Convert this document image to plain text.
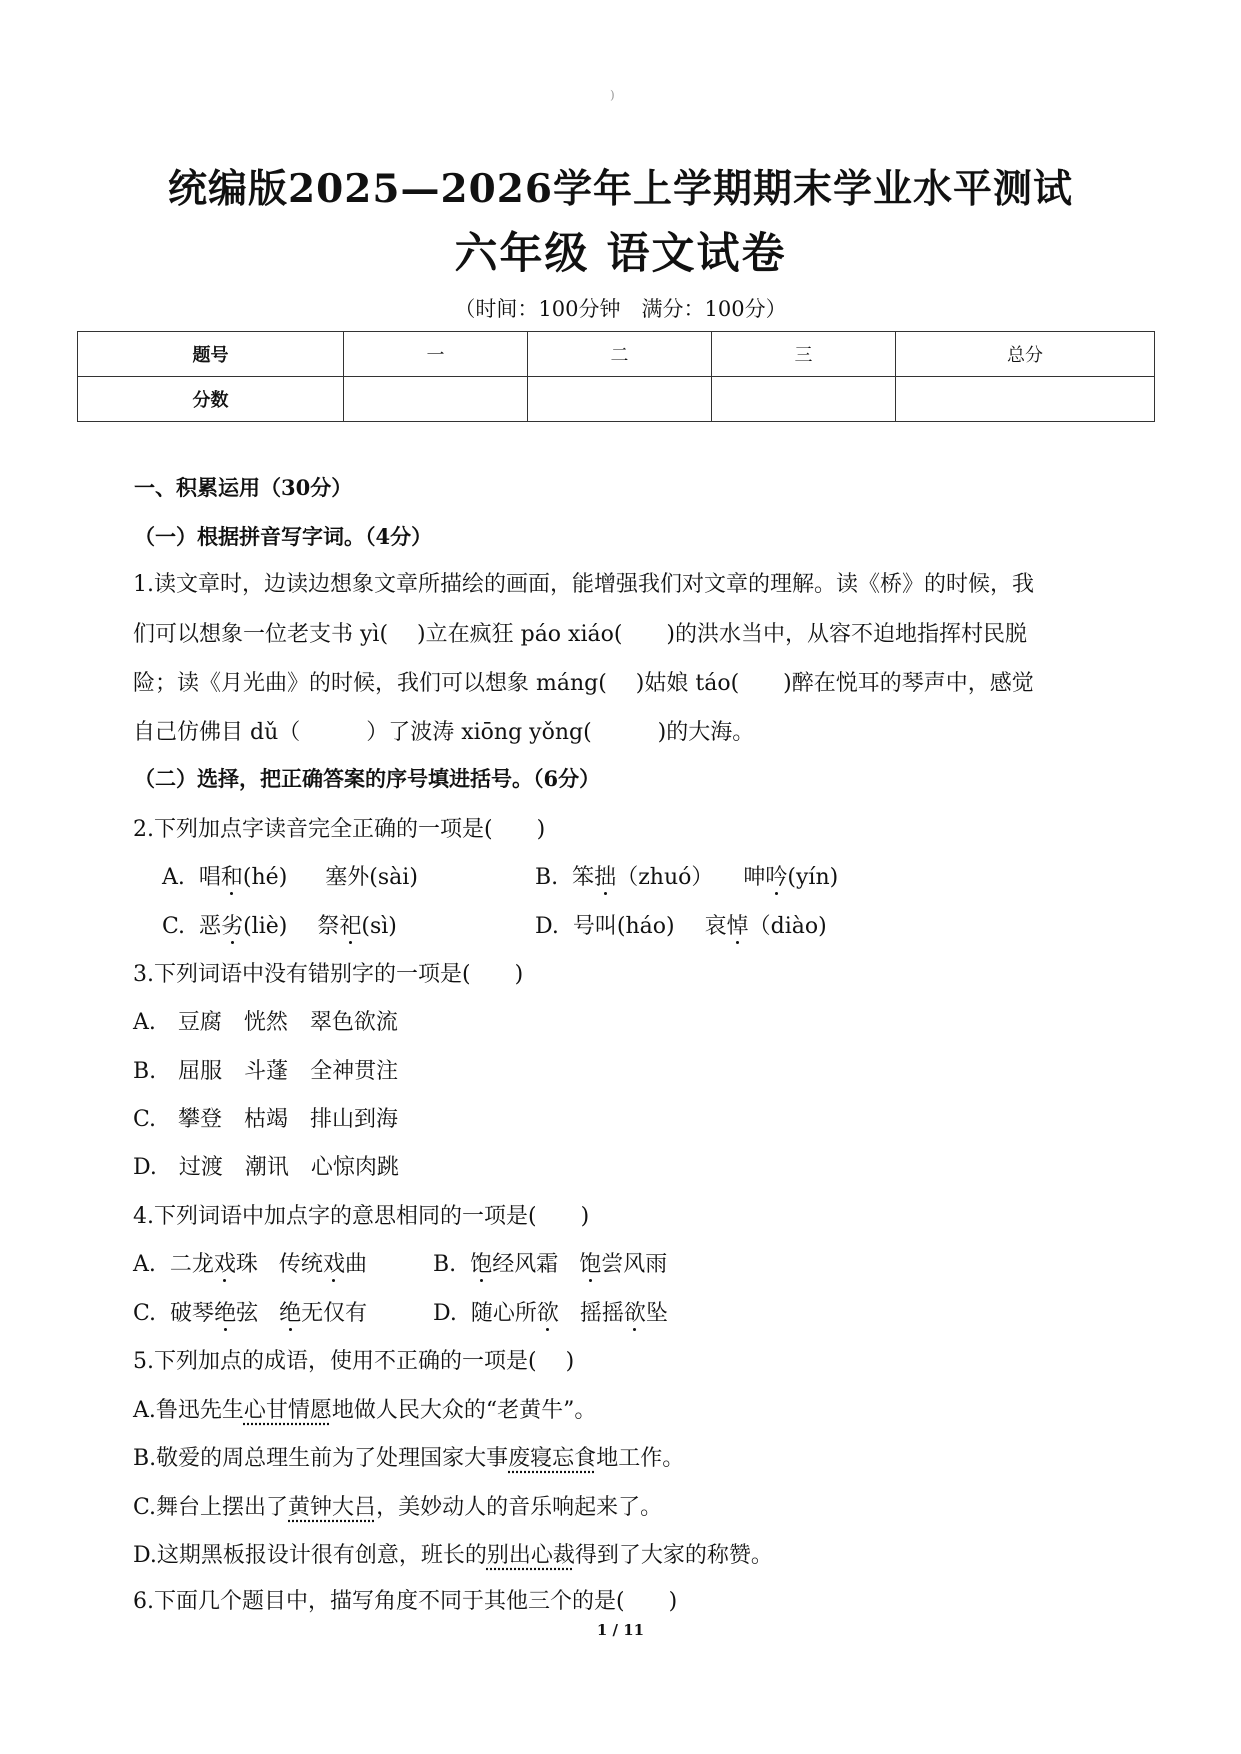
)
统编版2025—2026学年上学期期末学业水平测试
六年级 语文试卷
（时间：100分钟　满分：100分）
题号	一	二	三	总分
分数				
一、积累运用（30分）
（一）根据拼音写字词。（4分）
1.读文章时，边读边想象文章所描绘的画面，能增强我们对文章的理解。读《桥》的时候，我
们可以想象一位老支书 yì(　 )立在疯狂 páo xiáo(　　)的洪水当中，从容不迫地指挥村民脱
险；读《月光曲》的时候，我们可以想象 máng(　 )姑娘 táo(　　)醉在悦耳的琴声中，感觉
自己仿佛目 dǔ（　　　）了波涛 xiōng yǒng(　　　)的大海。
（二）选择，把正确答案的序号填进括号。（6分）
2.下列加点字读音完全正确的一项是(　　)
A. 唱和(hé) 塞外(sài)	B. 笨拙（zhuó） 呻吟(yín)
C. 恶劣(liè) 祭祀(sì)	D. 号叫(háo) 哀悼（diào)
3.下列词语中没有错别字的一项是(　　)
A.　豆腐　恍然　翠色欲流
B.　屈服　斗蓬　全神贯注
C.　攀登　枯竭　排山到海
D.　过渡　潮讯　心惊肉跳
4.下列词语中加点字的意思相同的一项是(　　)
A. 二龙戏珠 传统戏曲	B. 饱经风霜 饱尝风雨
C. 破琴绝弦 绝无仅有	D. 随心所欲 摇摇欲坠
5.下列加点的成语，使用不正确的一项是(　 )
A.鲁迅先生心甘情愿地做人民大众的“老黄牛”。
B.敬爱的周总理生前为了处理国家大事废寝忘食地工作。
C.舞台上摆出了黄钟大吕，美妙动人的音乐响起来了。
D.这期黑板报设计很有创意，班长的别出心裁得到了大家的称赞。
6.下面几个题目中，描写角度不同于其他三个的是(　　)
1 / 11
